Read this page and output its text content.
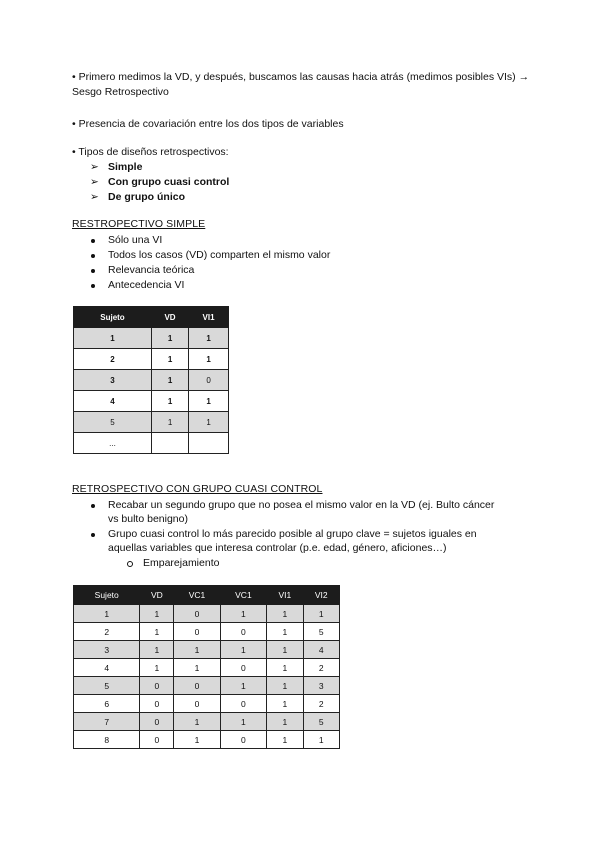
• Primero medimos la VD, y después, buscamos las causas hacia atrás (medimos posibles VIs) → Sesgo Retrospectivo
• Presencia de covariación entre los dos tipos de variables
• Tipos de diseños retrospectivos:
➢ Simple
➢ Con grupo cuasi control
➢ De grupo único
RESTROPECTIVO SIMPLE
Sólo una VI
Todos los casos (VD) comparten el mismo valor
Relevancia teórica
Antecedencia VI
Sujeto	VD	VI1
1	1	1
2	1	1
3	1	0
4	1	1
5	1	1
...		
RETROSPECTIVO CON GRUPO CUASI CONTROL
Recabar un segundo grupo que no posea el mismo valor en la VD (ej. Bulto cáncer
vs bulto benigno)
Grupo cuasi control lo más parecido posible al grupo clave = sujetos iguales en
aquellas variables que interesa controlar (p.e. edad, género, aficiones…)
Emparejamiento
Sujeto	VD	VC1	VC1	VI1	VI2
1	1	0	1	1	1
2	1	0	0	1	5
3	1	1	1	1	4
4	1	1	0	1	2
5	0	0	1	1	3
6	0	0	0	1	2
7	0	1	1	1	5
8	0	1	0	1	1
